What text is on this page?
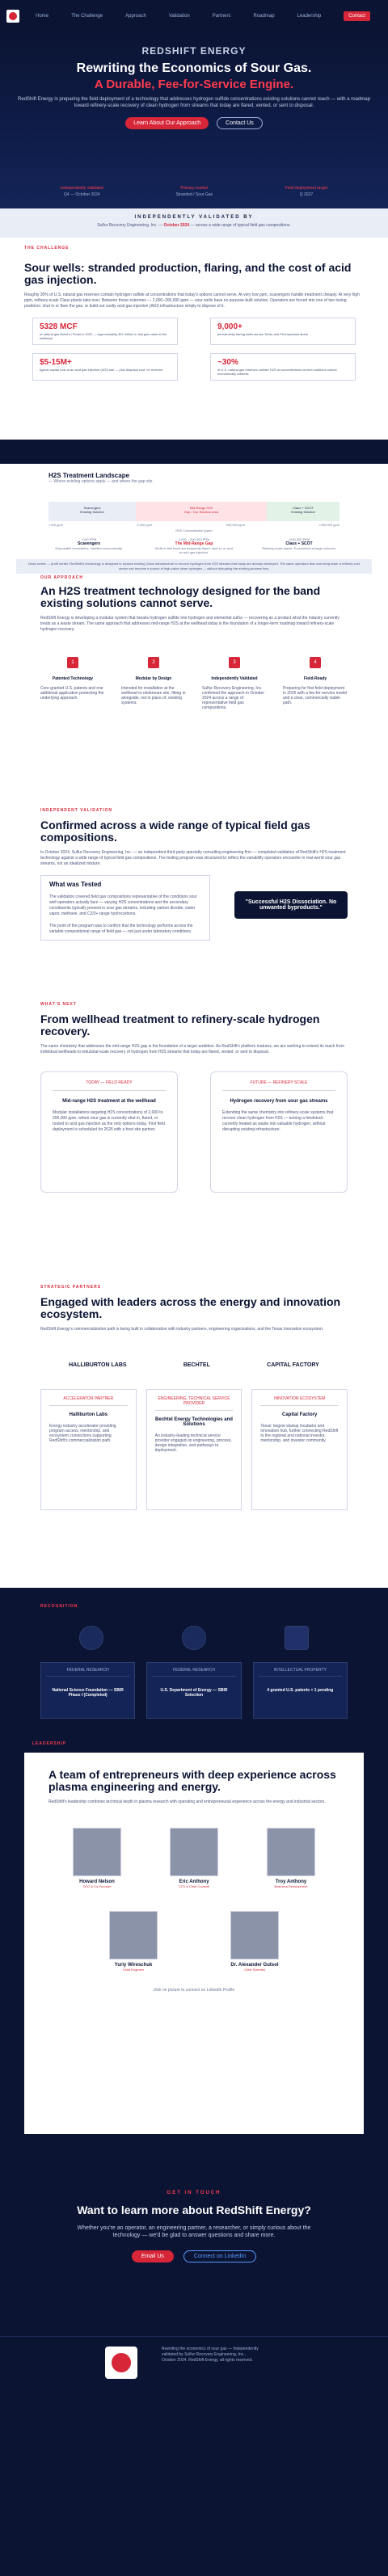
Home	The Challenge	Approach	Validation	Partners	Roadmap	Leadership	Contact
REDSHIFT ENERGY
Rewriting the Economics of Sour Gas.
A Durable, Fee-for-Service Engine.
RedShift Energy is preparing the field deployment of a technology that addresses hydrogen sulfide concentrations existing solutions cannot reach — with a roadmap toward refinery-scale recovery of clean hydrogen from streams that today are flared, vented, or sent to disposal.
Learn About Our Approach	Contact Us
Independently validated
Q4 — October 2024
Primary market
Stranded / Sour Gas
Field deployment target
Q 2027
INDEPENDENTLY VALIDATED BY
Sulfur Recovery Engineering, Inc. — October 2024 — across a wide range of typical field gas compositions.
THE CHALLENGE
Sour wells: stranded production, flaring, and the cost of acid gas injection.
Roughly 30% of U.S. natural gas reserves contain hydrogen sulfide at concentrations that today's options cannot serve. At very low ppm, scavengers handle treatment cheaply. At very high ppm, refinery-scale Claus plants take over. Between those extremes — 2,000–200,000 ppm — sour wells have no purpose-built solution. Operators are forced into one of two losing positions: shut in or flare the gas, or build out costly acid gas injection (AGI) infrastructure simply to dispose of it.
5328 MCF
of natural gas flared in Texas in 2022 — approximately $11 million in lost gas value at the wellhead
9,000+
permanently flaring wells across Texas and Pennsylvania alone
$5-15M+
typical capital cost of an acid gas injection (AGI) site — plus disposal cost, no revenue
~30%
of U.S. natural gas reserves contain H2S at concentrations current solutions cannot economically address
H2S Treatment Landscape
— Where existing options apply — and where the gap sits.
Scavengers
Existing Solution
Mid-Range H2S
Gap / Our Solution Area
Claus + SCOT
Existing Solution
<100 ppm	2,000 ppm	200,000 ppm	>200,000 ppm
H2S Concentration (ppm)
<100 PPM
Scavengers
Disposable chemistries. Handled economically.
2,000 – 200,000 PPM
The Mid-Range Gap
Wells in this band are frequently flared, shut in, or sent to acid gas injection.
>200,000 PPM
Claus + SCOT
Refinery-scale plants. Economical at large volumes.
Dead center — profit center. RedShift's technology is designed to replace existing Claus infrastructure to recover hydrogen from H2S streams that today are already destroyed. The same operators that now bring lower a refinery cost center can become a source of high-value clean hydrogen — without disrupting the existing process flow.
OUR APPROACH
An H2S treatment technology designed for the band existing solutions cannot serve.
RedShift Energy is developing a modular system that breaks hydrogen sulfide into hydrogen and elemental sulfur — recovering as a product what the industry currently treats as a waste stream. The same approach that addresses mid-range H2S at the wellhead today is the foundation of a longer-term roadmap toward refinery-scale hydrogen recovery.
1
Patented Technology
Core granted U.S. patents and one additional application protecting the underlying approach.
2
Modular by Design
Intended for installation at the wellhead or midstream site, fitting in alongside, not in place of, existing systems.
3
Independently Validated
Sulfur Recovery Engineering, Inc. confirmed the approach in October 2024 across a range of representative field gas compositions.
4
Field-Ready
Preparing for first field deployment in 2026 with a fee-for-service model and a clear, commercially viable path.
INDEPENDENT VALIDATION
Confirmed across a wide range of typical field gas compositions.
In October 2024, Sulfur Recovery Engineering, Inc. — an independent third party specialty consulting engineering firm — completed validation of RedShift's H2S treatment technology against a wide range of typical field gas compositions. The testing program was structured to reflect the variability operators encounter in real-world sour gas streams, not an idealized mixture.
What was Tested
The validation covered field gas compositions representative of the conditions sour well operators actually face — varying H2S concentrations and the secondary constituents typically present in sour gas streams, including carbon dioxide, water vapor, methane, and C2/3+ range hydrocarbons.
The point of the program was to confirm that the technology performs across the variable compositional range of field gas — not just under laboratory conditions.
"Successful H2S Dissociation. No unwanted byproducts."
WHAT'S NEXT
From wellhead treatment to refinery-scale hydrogen recovery.
The same chemistry that addresses the mid-range H2S gap is the foundation of a larger ambition. As RedShift's platform matures, we are working to extend its reach from individual wellheads to industrial-scale recovery of hydrogen from H2S streams that today are flared, vented, or sent to disposal.
TODAY — FIELD READY
Mid-range H2S treatment at the wellhead
Modular installations targeting H2S concentrations of 2,000 to 200,000 ppm, where sour gas is currently shut in, flared, or routed to acid gas injection as the only options today. First field deployment is scheduled for 2026 with a host site partner.
FUTURE — REFINERY SCALE
Hydrogen recovery from sour gas streams
Extending the same chemistry into refinery-scale systems that recover clean hydrogen from H2S — turning a feedstock currently treated as waste into valuable hydrogen, without disrupting existing infrastructure.
STRATEGIC PARTNERS
Engaged with leaders across the energy and innovation ecosystem.
RedShift Energy's commercialization path is being built in collaboration with industry partners, engineering organizations, and the Texas innovation ecosystem.
HALLIBURTON LABS	BECHTEL	CAPITAL FACTORY
ACCELERATOR PARTNER
Halliburton Labs
Energy industry accelerator providing program access, mentorship, and ecosystem connections supporting RedShift's commercialization path.
ENGINEERING, TECHNICAL SERVICE PROVIDER
Bechtel Energy Technologies and Solutions
An industry-leading technical service provider engaged on engineering, process, design integration, and pathways to deployment.
INNOVATION ECOSYSTEM
Capital Factory
Texas' largest startup incubator and innovation hub, further connecting RedShift to the regional and national investor, mentorship, and investor community.
RECOGNITION
FEDERAL RESEARCH
National Science Foundation — SBIR Phase I (Completed)
FEDERAL RESEARCH
U.S. Department of Energy — SBIR Selection
INTELLECTUAL PROPERTY
4 granted U.S. patents + 1 pending
LEADERSHIP
A team of entrepreneurs with deep experience across plasma engineering and energy.
RedShift's leadership combines technical depth in plasma research with operating and entrepreneurial experience across the energy and industrial sectors.
Howard Nelson
CEO & Co-Founder
Eric Anthony
CTO & Chief Counsel
Troy Anthony
Business Development
Yuriy Wireschuk
Chief Engineer
Dr. Alexander Gutsol
Chief Scientist
click on picture to connect on LinkedIn Profile
GET IN TOUCH
Want to learn more about RedShift Energy?
Whether you're an operator, an engineering partner, a researcher, or simply curious about the technology — we'd be glad to answer questions and share more.
Email Us	Connect on LinkedIn
Rewriting the economics of sour gas — Independently validated by Sulfur Recovery Engineering, Inc., October 2024. RedShift Energy, all rights reserved.
